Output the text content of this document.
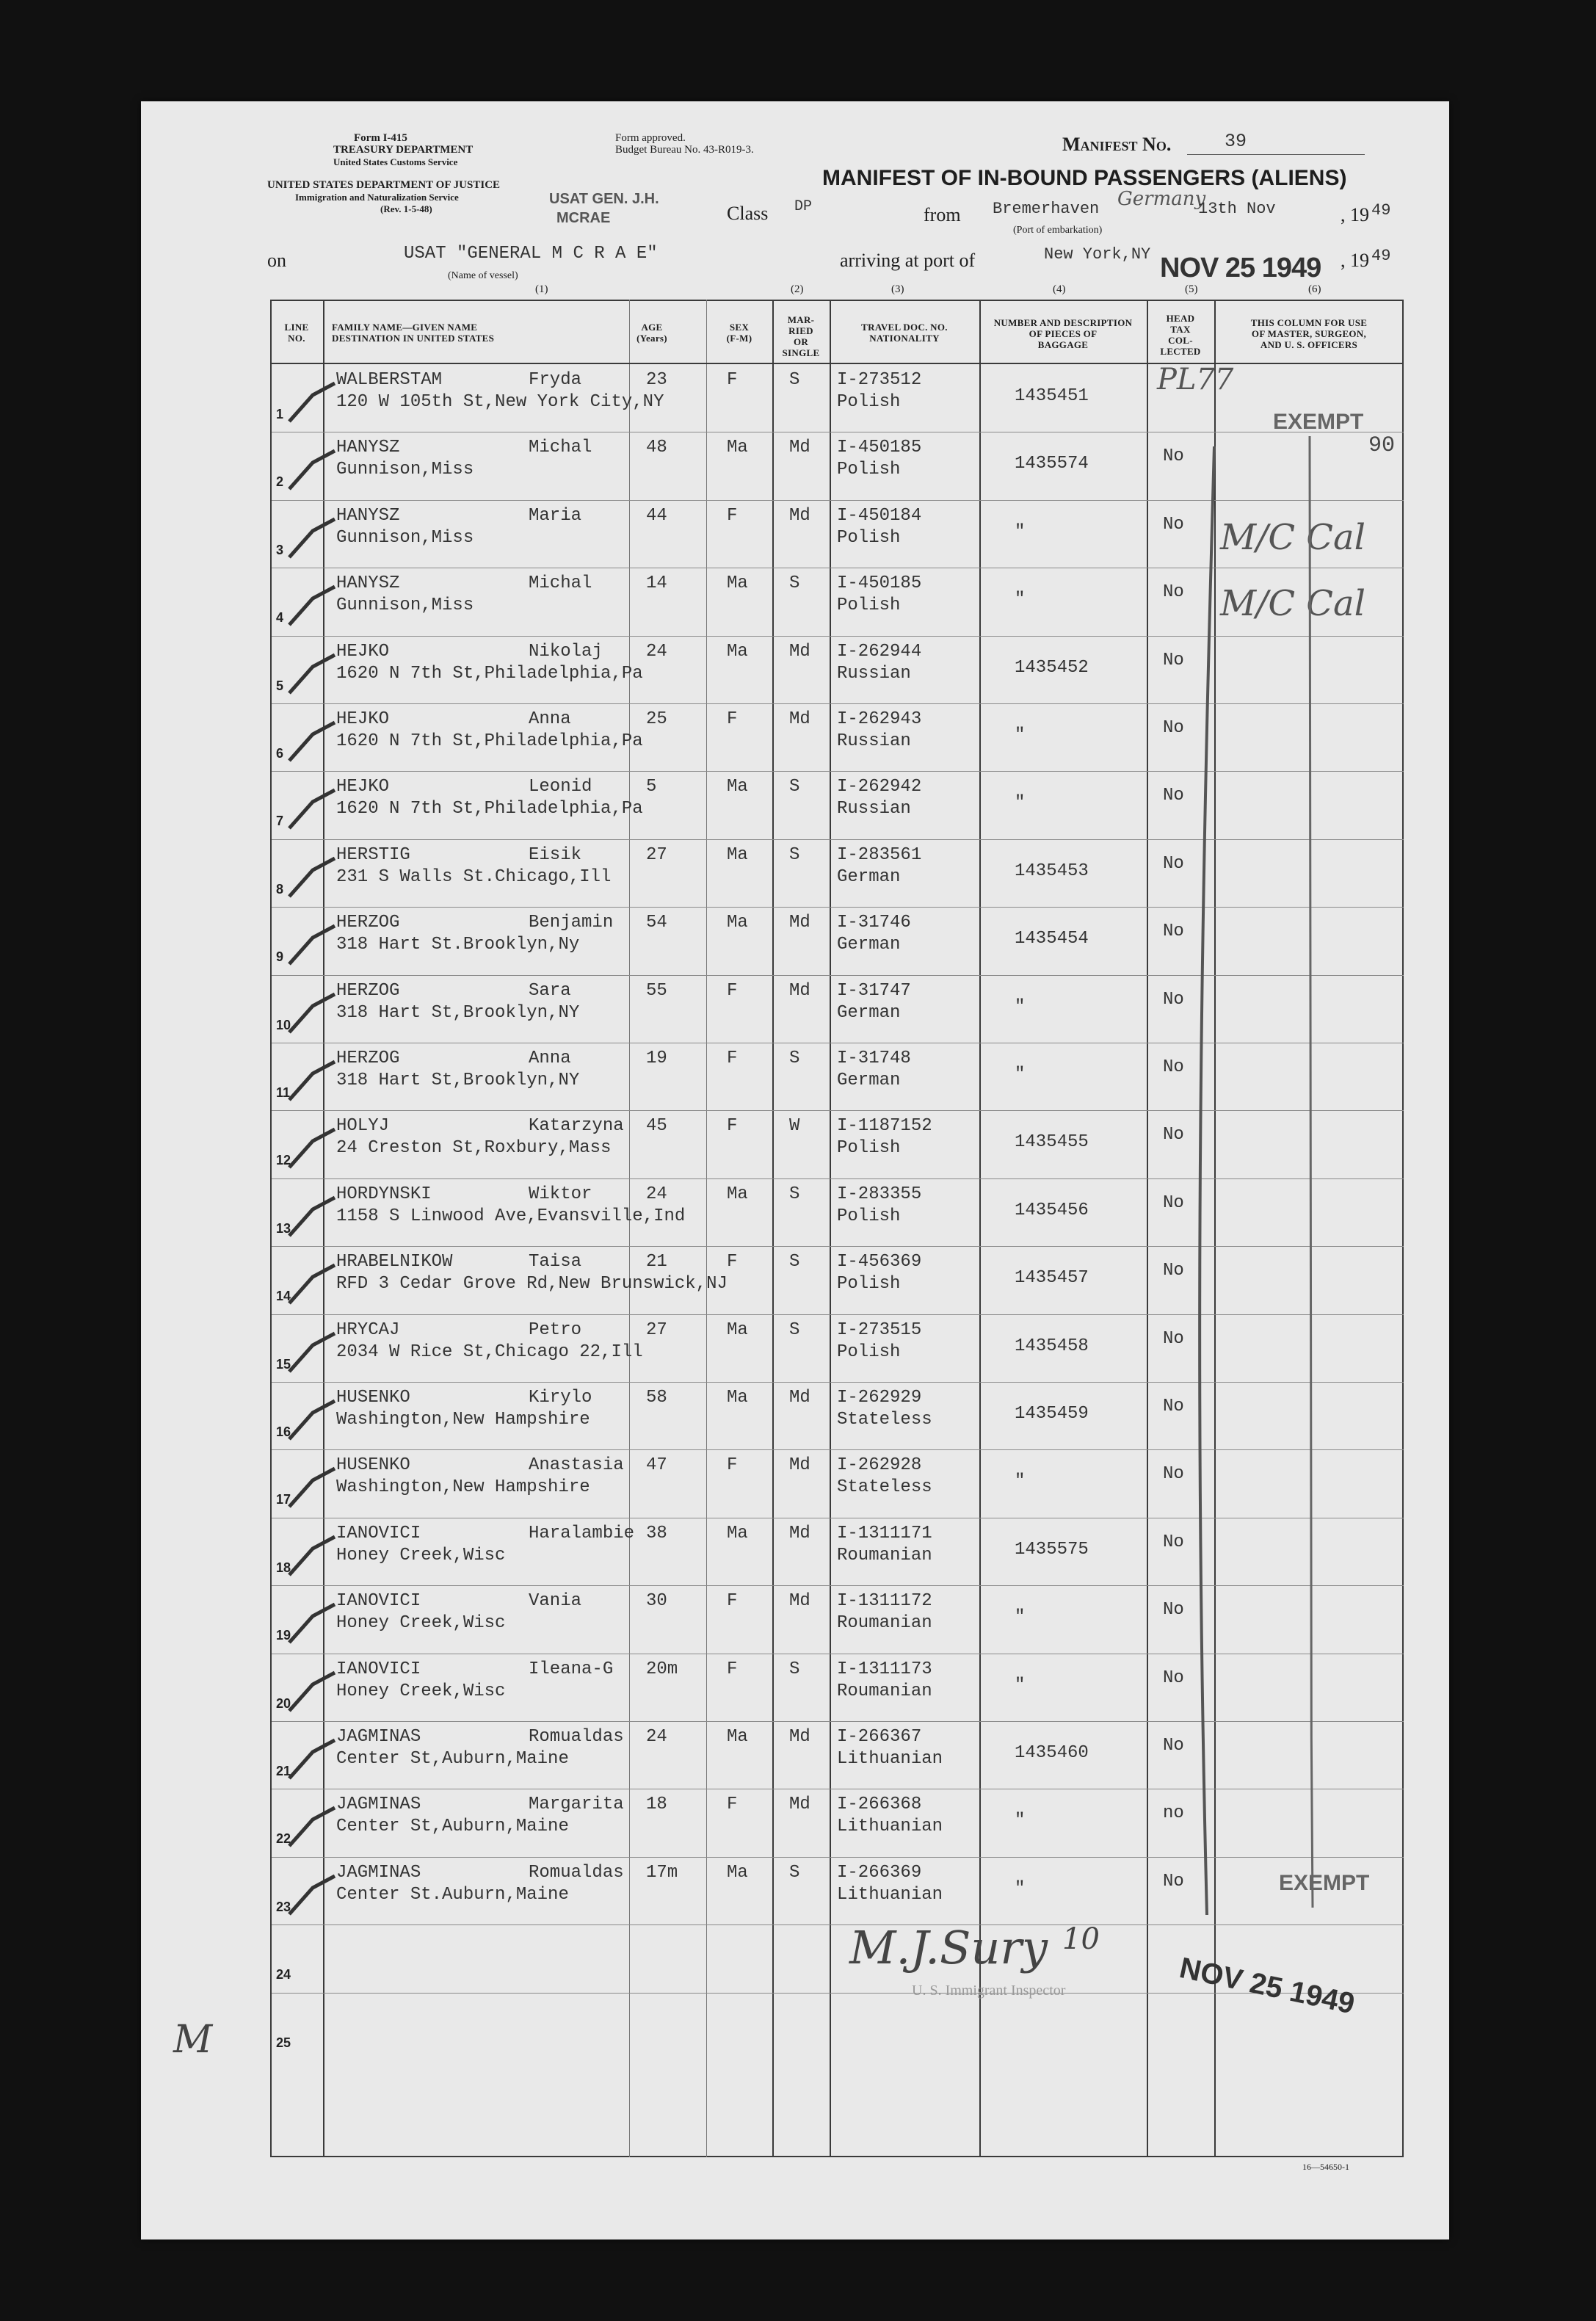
Form I-415
TREASURY DEPARTMENT
United States Customs Service
UNITED STATES DEPARTMENT OF JUSTICE
Immigration and Naturalization Service
(Rev. 1-5-48)
Form approved.
Budget Bureau No. 43-R019-3.
USAT GEN. J.H.
MCRAE
Manifest No.	39
MANIFEST OF IN-BOUND PASSENGERS (ALIENS)
Class DP	from Bremerhaven Germany
(Port of embarkation)
13th Nov	, 19 49
on	USAT "GENERAL M C R A E"
(Name of vessel)
(1)
arriving at port of	New York,NY NOV 25 1949 , 19 49
(2)	(3)	(4)	(5)	(6)
LINE
NO.
FAMILY NAME—GIVEN NAME
DESTINATION IN UNITED STATES
AGE
(Years)
SEX
(F-M)
MAR-
RIED
OR
SINGLE
TRAVEL DOC. NO.
NATIONALITY
NUMBER AND DESCRIPTION
OF PIECES OF
BAGGAGE
HEAD
TAX
COL-
LECTED
THIS COLUMN FOR USE
OF MASTER, SURGEON,
AND U. S. OFFICERS
1
WALBERSTAM	Fryda
120 W 105th St,New York City,NY
23	F	S I-273512
Polish	1435451
2
HANYSZ	Michal
Gunnison,Miss
48	Ma Md I-450185
Polish	1435574	No
3
HANYSZ	Maria
Gunnison,Miss
44	F	Md I-450184
Polish	"	No
4
HANYSZ	Michal
Gunnison,Miss
14	Ma S I-450185
Polish	"	No
5
HEJKO	Nikolaj
1620 N 7th St,Philadelphia,Pa
24	Ma Md I-262944
Russian	1435452	No
6
HEJKO	Anna
1620 N 7th St,Philadelphia,Pa
25	F	Md I-262943
Russian	"	No
7
HEJKO	Leonid
1620 N 7th St,Philadelphia,Pa
5	Ma S I-262942
Russian	"	No
8
HERSTIG	Eisik
231 S Walls St.Chicago,Ill
27	Ma S I-283561
German	1435453	No
9
HERZOG	Benjamin
318 Hart St.Brooklyn,Ny
54	Ma Md I-31746
German	1435454	No
10
HERZOG	Sara
318 Hart St,Brooklyn,NY
55	F	Md I-31747
German	"	No
11
HERZOG	Anna
318 Hart St,Brooklyn,NY
19	F	S I-31748
German	"	No
12
HOLYJ	Katarzyna
24 Creston St,Roxbury,Mass
45	F	W I-1187152
Polish	1435455	No
13
HORDYNSKI	Wiktor
1158 S Linwood Ave,Evansville,Ind
24	Ma S I-283355
Polish	1435456	No
14
HRABELNIKOW	Taisa
RFD 3 Cedar Grove Rd,New Brunswick,NJ
21	F	S I-456369
Polish	1435457	No
15
HRYCAJ	Petro
2034 W Rice St,Chicago 22,Ill
27	Ma S I-273515
Polish	1435458	No
16
HUSENKO	Kirylo
Washington,New Hampshire
58	Ma Md I-262929
Stateless	1435459	No
17
HUSENKO	Anastasia
Washington,New Hampshire
47	F	Md I-262928
Stateless	"	No
18
IANOVICI	Haralambie
Honey Creek,Wisc
38	Ma Md I-1311171
Roumanian	1435575	No
19
IANOVICI	Vania
Honey Creek,Wisc
30	F	Md I-1311172
Roumanian	"	No
20
IANOVICI	Ileana-G
Honey Creek,Wisc
20m	F	S I-1311173
Roumanian	"	No
21
JAGMINAS	Romualdas
Center St,Auburn,Maine
24	Ma Md I-266367
Lithuanian	1435460	No
22
JAGMINAS	Margarita
Center St,Auburn,Maine
18	F	Md I-266368
Lithuanian	"	no
23
JAGMINAS	Romualdas
Center St.Auburn,Maine
17m	Ma S I-266369
Lithuanian	"	No
24
25
EXEMPT
90
PL77
M/C Cal
M/C Cal
EXEMPT
M.J.Sury 10
U. S. Immigrant Inspector	NOV 25 1949
M
16—54650-1
